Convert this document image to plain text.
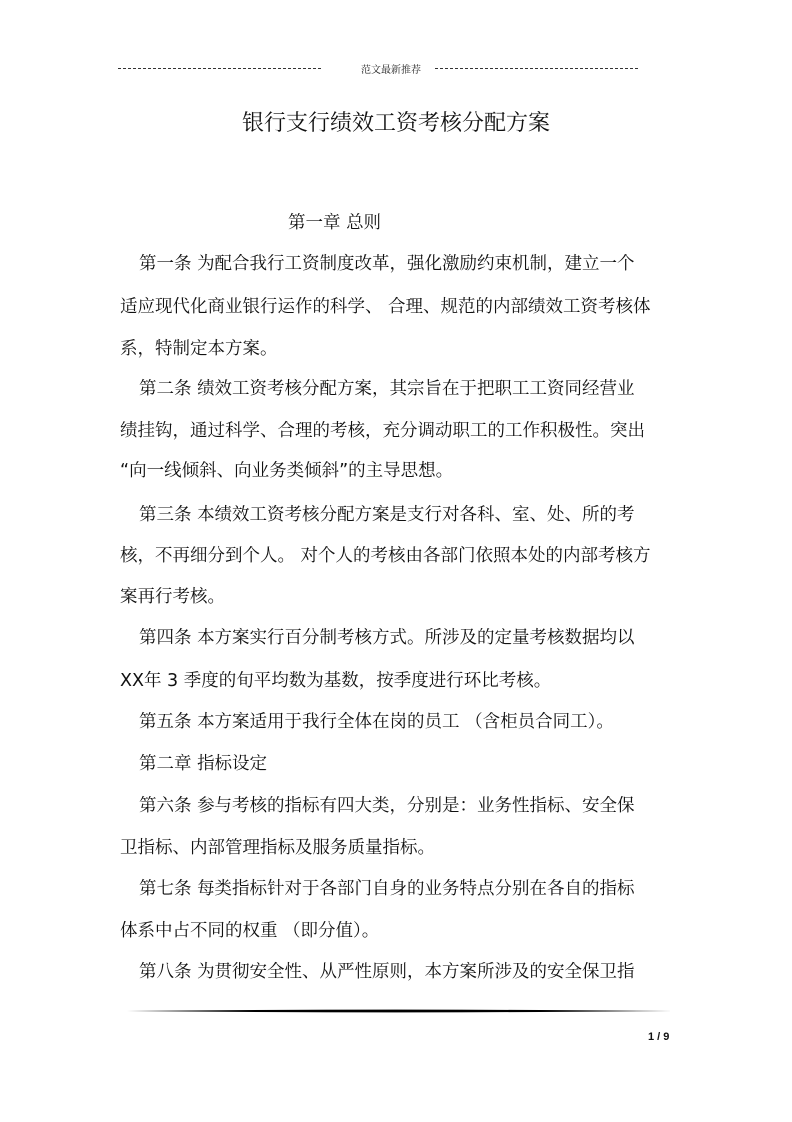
范文最新推荐
银行支行绩效工资考核分配方案
第一章 总则
第一条 为配合我行工资制度改革，强化激励约束机制，建立一个
适应现代化商业银行运作的科学、 合理、规范的内部绩效工资考核体
系，特制定本方案。
第二条 绩效工资考核分配方案，其宗旨在于把职工工资同经营业
绩挂钩，通过科学、合理的考核，充分调动职工的工作积极性。突出
“向一线倾斜、向业务类倾斜”的主导思想。
第三条 本绩效工资考核分配方案是支行对各科、室、处、所的考
核，不再细分到个人。 对个人的考核由各部门依照本处的内部考核方
案再行考核。
第四条 本方案实行百分制考核方式。所涉及的定量考核数据均以
XX年 3 季度的旬平均数为基数，按季度进行环比考核。
第五条 本方案适用于我行全体在岗的员工 （含柜员合同工）。
第二章 指标设定
第六条 参与考核的指标有四大类，分别是：业务性指标、安全保
卫指标、内部管理指标及服务质量指标。
第七条 每类指标针对于各部门自身的业务特点分别在各自的指标
体系中占不同的权重 （即分值）。
第八条 为贯彻安全性、从严性原则，本方案所涉及的安全保卫指
1 / 9
